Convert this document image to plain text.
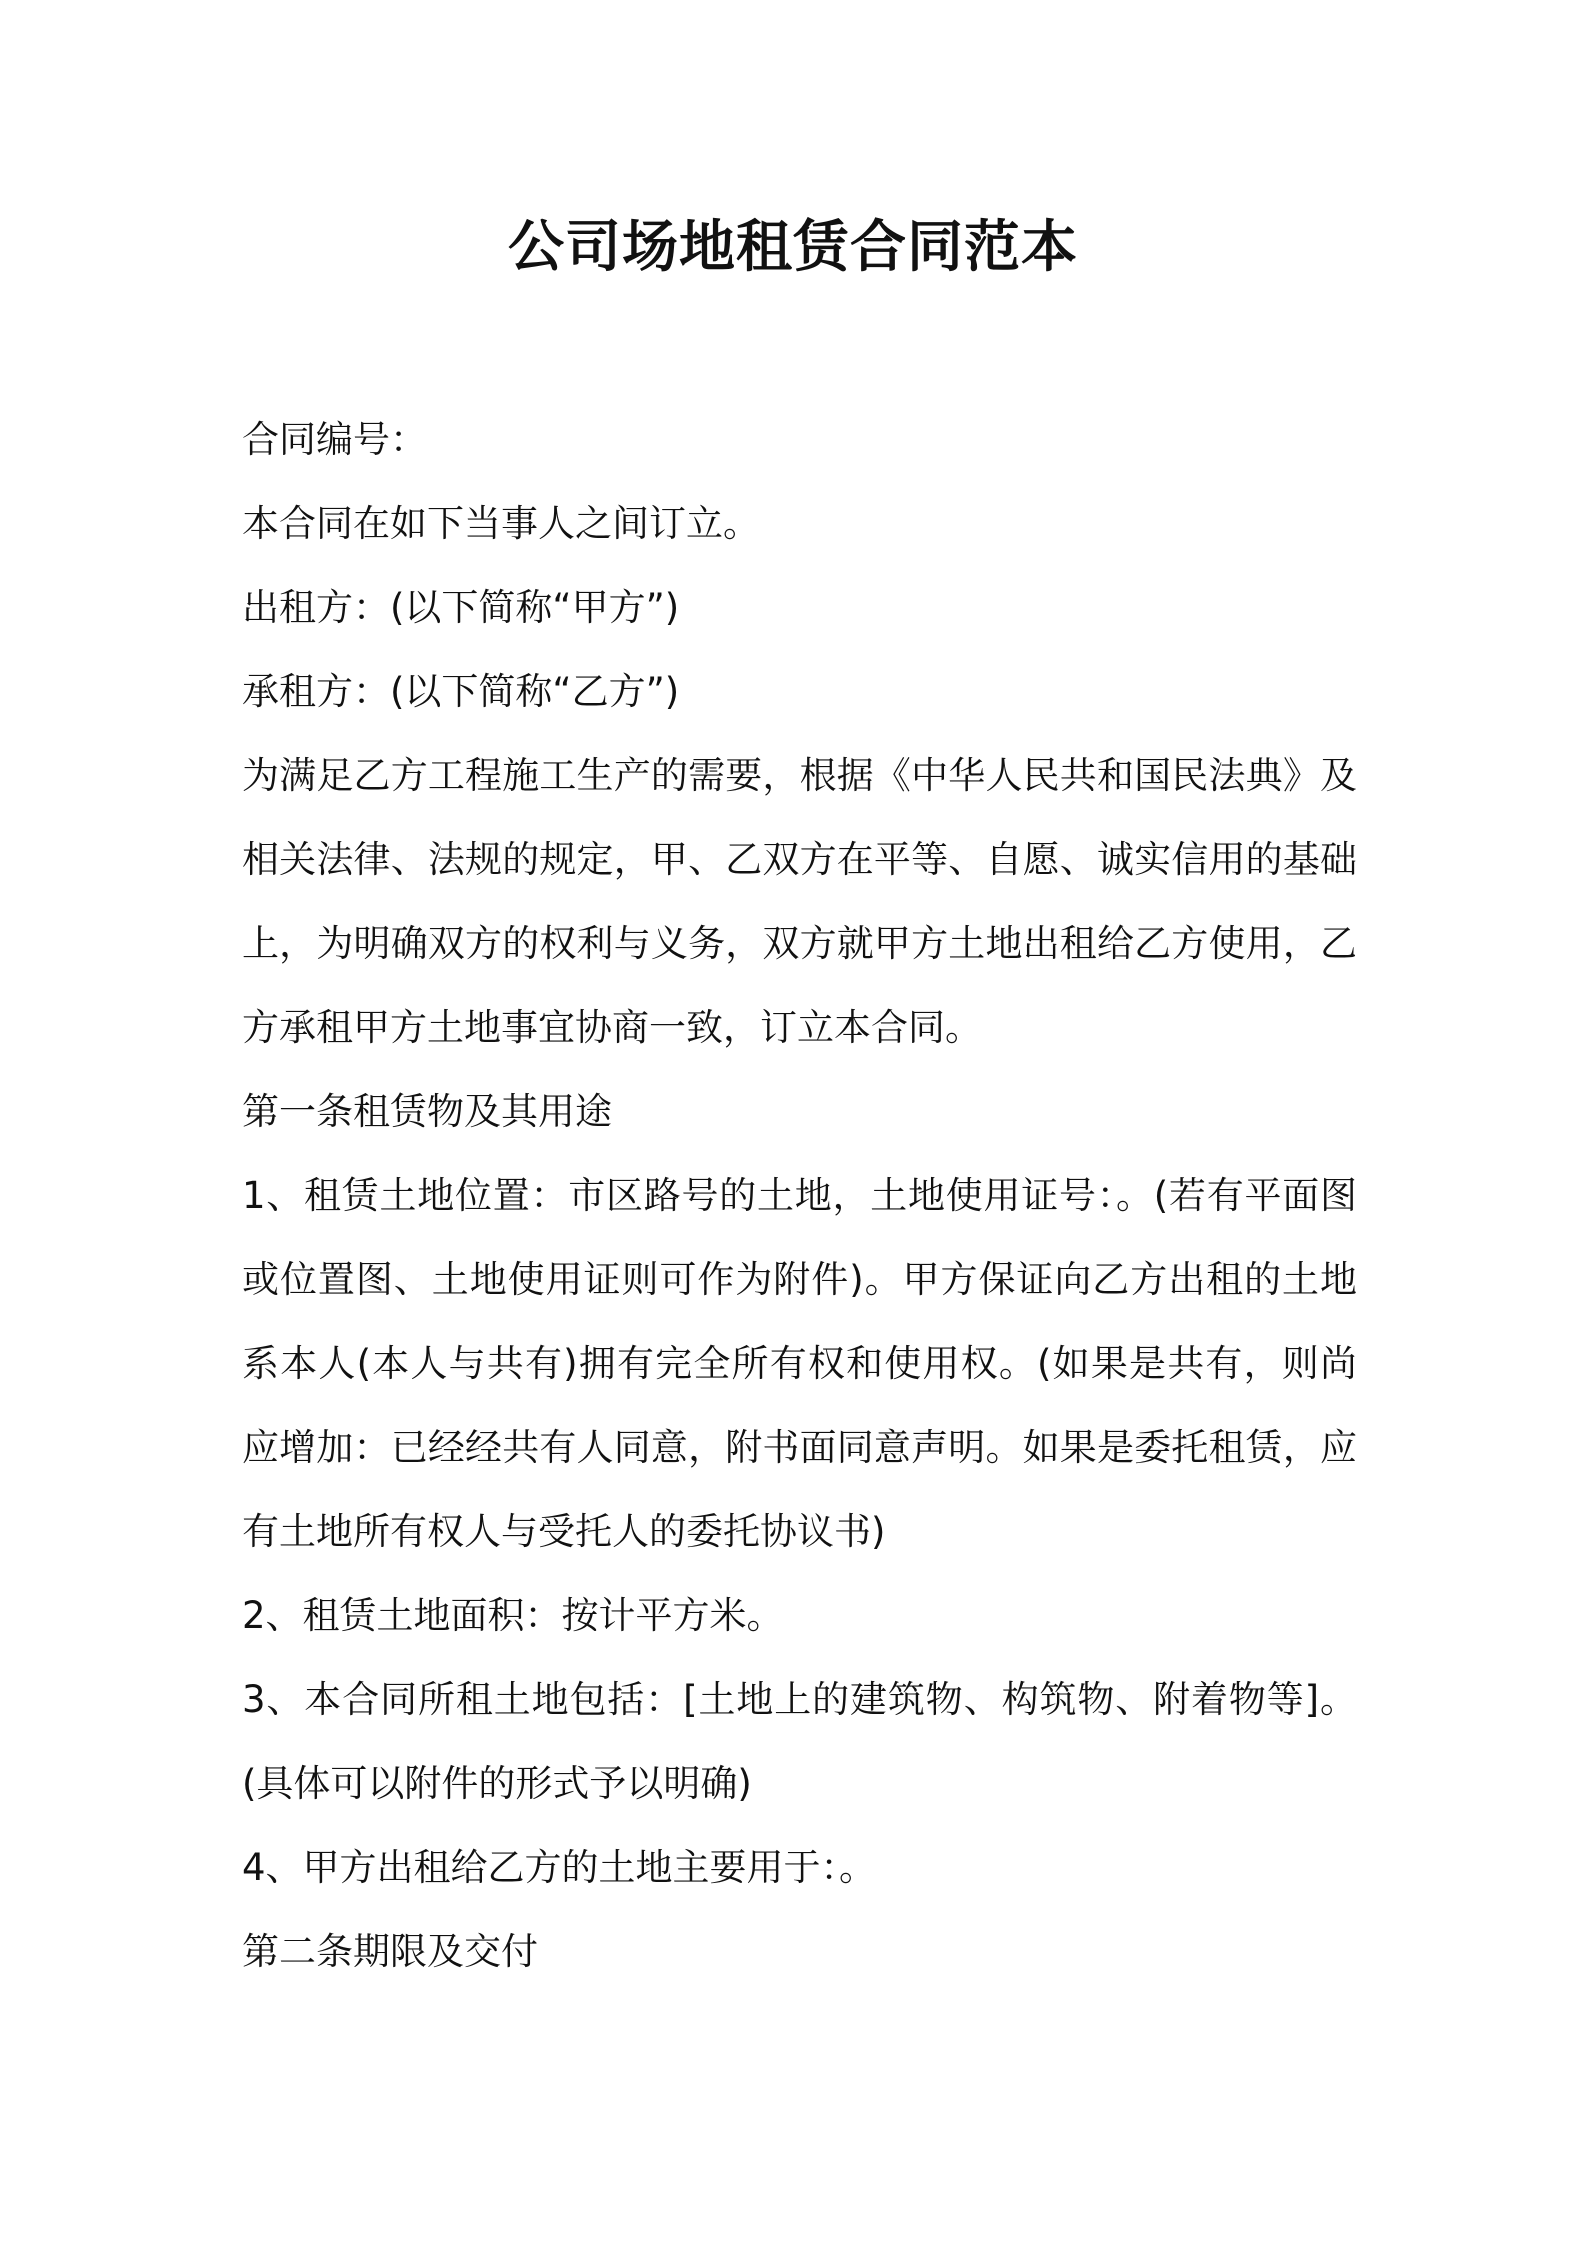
公司场地租赁合同范本

合同编号：

本合同在如下当事人之间订立。

出租方：(以下简称“甲方”)

承租方：(以下简称“乙方”)

为满足乙方工程施工生产的需要，根据《中华人民共和国民法典》及相关法律、法规的规定，甲、乙双方在平等、自愿、诚实信用的基础上，为明确双方的权利与义务，双方就甲方土地出租给乙方使用，乙方承租甲方土地事宜协商一致，订立本合同。

第一条租赁物及其用途

1、租赁土地位置：市区路号的土地，土地使用证号：。(若有平面图或位置图、土地使用证则可作为附件)。甲方保证向乙方出租的土地系本人(本人与共有)拥有完全所有权和使用权。(如果是共有，则尚应增加：已经经共有人同意，附书面同意声明。如果是委托租赁，应有土地所有权人与受托人的委托协议书)

2、租赁土地面积：按计平方米。

3、本合同所租土地包括：[土地上的建筑物、构筑物、附着物等]。(具体可以附件的形式予以明确)

4、甲方出租给乙方的土地主要用于：。

第二条期限及交付
